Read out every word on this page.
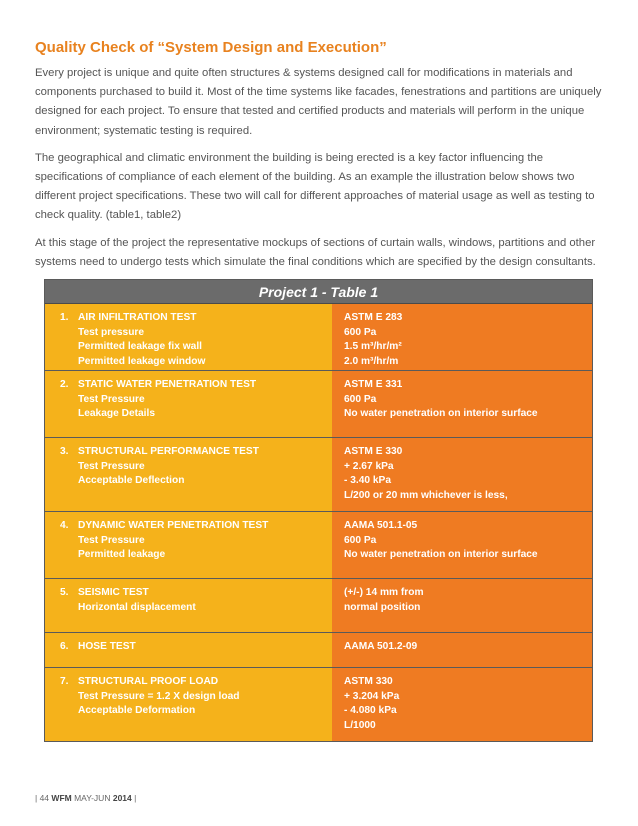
Quality Check of “System Design and Execution”

Every project is unique and quite often structures & systems designed call for modifications in materials and components purchased to build it. Most of the time systems like facades, fenestrations and partitions are uniquely designed for each project. To ensure that tested and certified products and materials will perform in the unique environment; systematic testing is required.

The geographical and climatic environment the building is being erected is a key factor influencing the specifications of compliance of each element of the building. As an example the illustration below shows two different project specifications. These two will call for different approaches of material usage as well as testing to check quality. (table1, table2)

At this stage of the project the representative mockups of sections of curtain walls, windows, partitions and other systems need to undergo tests which simulate the final conditions which are specified by the design consultants.

Project 1 - Table 1
1. AIR INFILTRATION TEST
Test pressure
Permitted leakage fix wall
Permitted leakage window
ASTM E 283
600 Pa
1.5 m³/hr/m²
2.0 m³/hr/m
2. STATIC WATER PENETRATION TEST
Test Pressure
Leakage Details
ASTM E 331
600 Pa
No water penetration on interior surface
3. STRUCTURAL PERFORMANCE TEST
Test Pressure
Acceptable Deflection
ASTM E 330
+ 2.67 kPa
- 3.40 kPa
L/200 or 20 mm whichever is less,
4. DYNAMIC WATER PENETRATION TEST
Test Pressure
Permitted leakage
AAMA 501.1-05
600 Pa
No water penetration on interior surface
5. SEISMIC TEST
Horizontal displacement
(+/-) 14 mm from
normal position
6. HOSE TEST	AAMA 501.2-09
7. STRUCTURAL PROOF LOAD
Test Pressure = 1.2 X design load
Acceptable Deformation
ASTM 330
+ 3.204 kPa
- 4.080 kPa
L/1000
| 44 WFM MAY-JUN 2014 |
